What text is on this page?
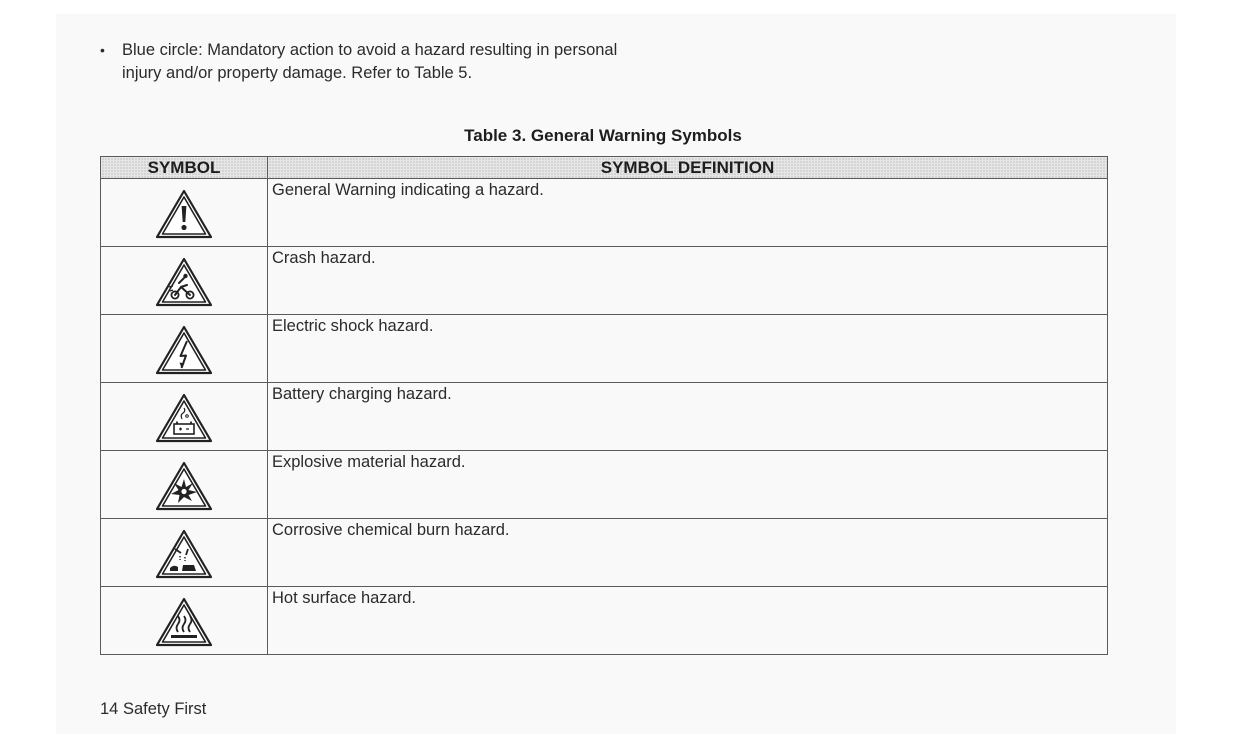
•	Blue circle: Mandatory action to avoid a hazard resulting in personal injury and/or property damage. Refer to Table 5.
Table 3. General Warning Symbols
SYMBOL	SYMBOL DEFINITION
	General Warning indicating a hazard.
	Crash hazard.
	Electric shock hazard.
	Battery charging hazard.
	Explosive material hazard.
	Corrosive chemical burn hazard.
	Hot surface hazard.
14 Safety First
